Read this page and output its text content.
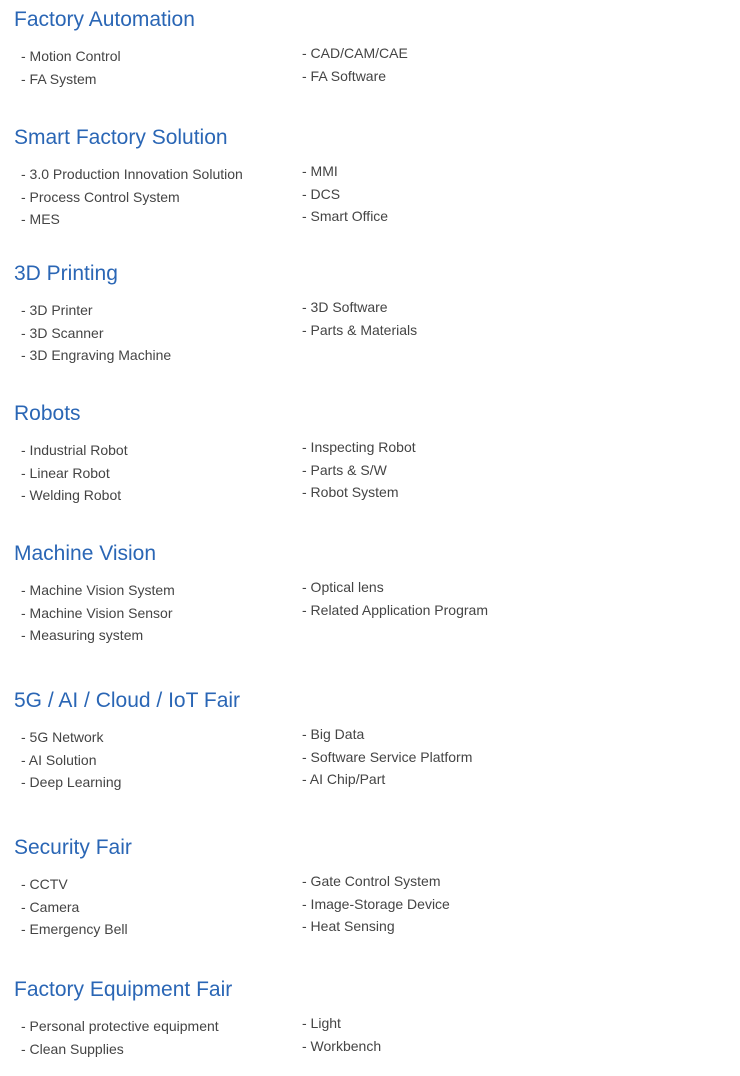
Factory Automation
- Motion Control
- FA System
- CAD/CAM/CAE
- FA Software
Smart Factory Solution
- 3.0 Production Innovation Solution
- Process Control System
- MES
- MMI
- DCS
- Smart Office
3D Printing
- 3D Printer
- 3D Scanner
- 3D Engraving Machine
- 3D Software
- Parts & Materials
Robots
- Industrial Robot
- Linear Robot
- Welding Robot
- Inspecting Robot
- Parts & S/W
- Robot System
Machine Vision
- Machine Vision System
- Machine Vision Sensor
- Measuring system
- Optical lens
- Related Application Program
5G / AI / Cloud / IoT Fair
- 5G Network
- AI Solution
- Deep Learning
- Big Data
- Software Service Platform
- AI Chip/Part
Security Fair
- CCTV
- Camera
- Emergency Bell
- Gate Control System
- Image-Storage Device
- Heat Sensing
Factory Equipment Fair
- Personal protective equipment
- Clean Supplies
- Light
- Workbench
